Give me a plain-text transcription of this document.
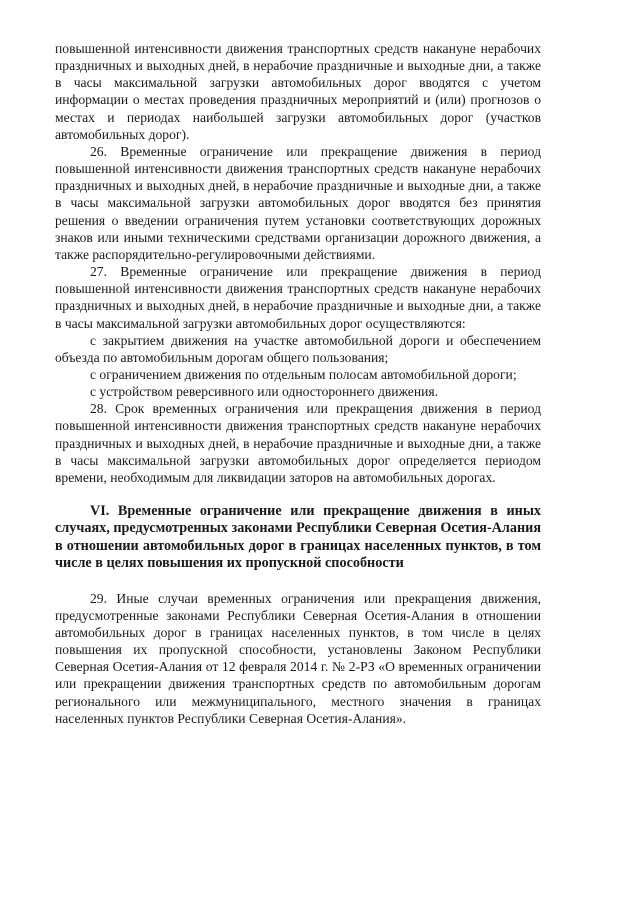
повышенной интенсивности движения транспортных средств накануне нерабочих праздничных и выходных дней, в нерабочие праздничные и выходные дни, а также в часы максимальной загрузки автомобильных дорог вводятся с учетом информации о местах проведения праздничных мероприятий и (или) прогнозов о местах и периодах наибольшей загрузки автомобильных дорог (участков автомобильных дорог).

26. Временные ограничение или прекращение движения в период повышенной интенсивности движения транспортных средств накануне нерабочих праздничных и выходных дней, в нерабочие праздничные и выходные дни, а также в часы максимальной загрузки автомобильных дорог вводятся без принятия решения о введении ограничения путем установки соответствующих дорожных знаков или иными техническими средствами организации дорожного движения, а также распорядительно-регулировочными действиями.

27. Временные ограничение или прекращение движения в период повышенной интенсивности движения транспортных средств накануне нерабочих праздничных и выходных дней, в нерабочие праздничные и выходные дни, а также в часы максимальной загрузки автомобильных дорог осуществляются:

с закрытием движения на участке автомобильной дороги и обеспечением объезда по автомобильным дорогам общего пользования;

с ограничением движения по отдельным полосам автомобильной дороги;

с устройством реверсивного или одностороннего движения.

28. Срок временных ограничения или прекращения движения в период повышенной интенсивности движения транспортных средств накануне нерабочих праздничных и выходных дней, в нерабочие праздничные и выходные дни, а также в часы максимальной загрузки автомобильных дорог определяется периодом времени, необходимым для ликвидации заторов на автомобильных дорогах.

VI. Временные ограничение или прекращение движения в иных случаях, предусмотренных законами Республики Северная Осетия-Алания в отношении автомобильных дорог в границах населенных пунктов, в том числе в целях повышения их пропускной способности

29. Иные случаи временных ограничения или прекращения движения, предусмотренные законами Республики Северная Осетия-Алания в отношении автомобильных дорог в границах населенных пунктов, в том числе в целях повышения их пропускной способности, установлены Законом Республики Северная Осетия-Алания от 12 февраля 2014 г. № 2-РЗ «О временных ограничении или прекращении движения транспортных средств по автомобильным дорогам регионального или межмуниципального, местного значения в границах населенных пунктов Республики Северная Осетия-Алания».
